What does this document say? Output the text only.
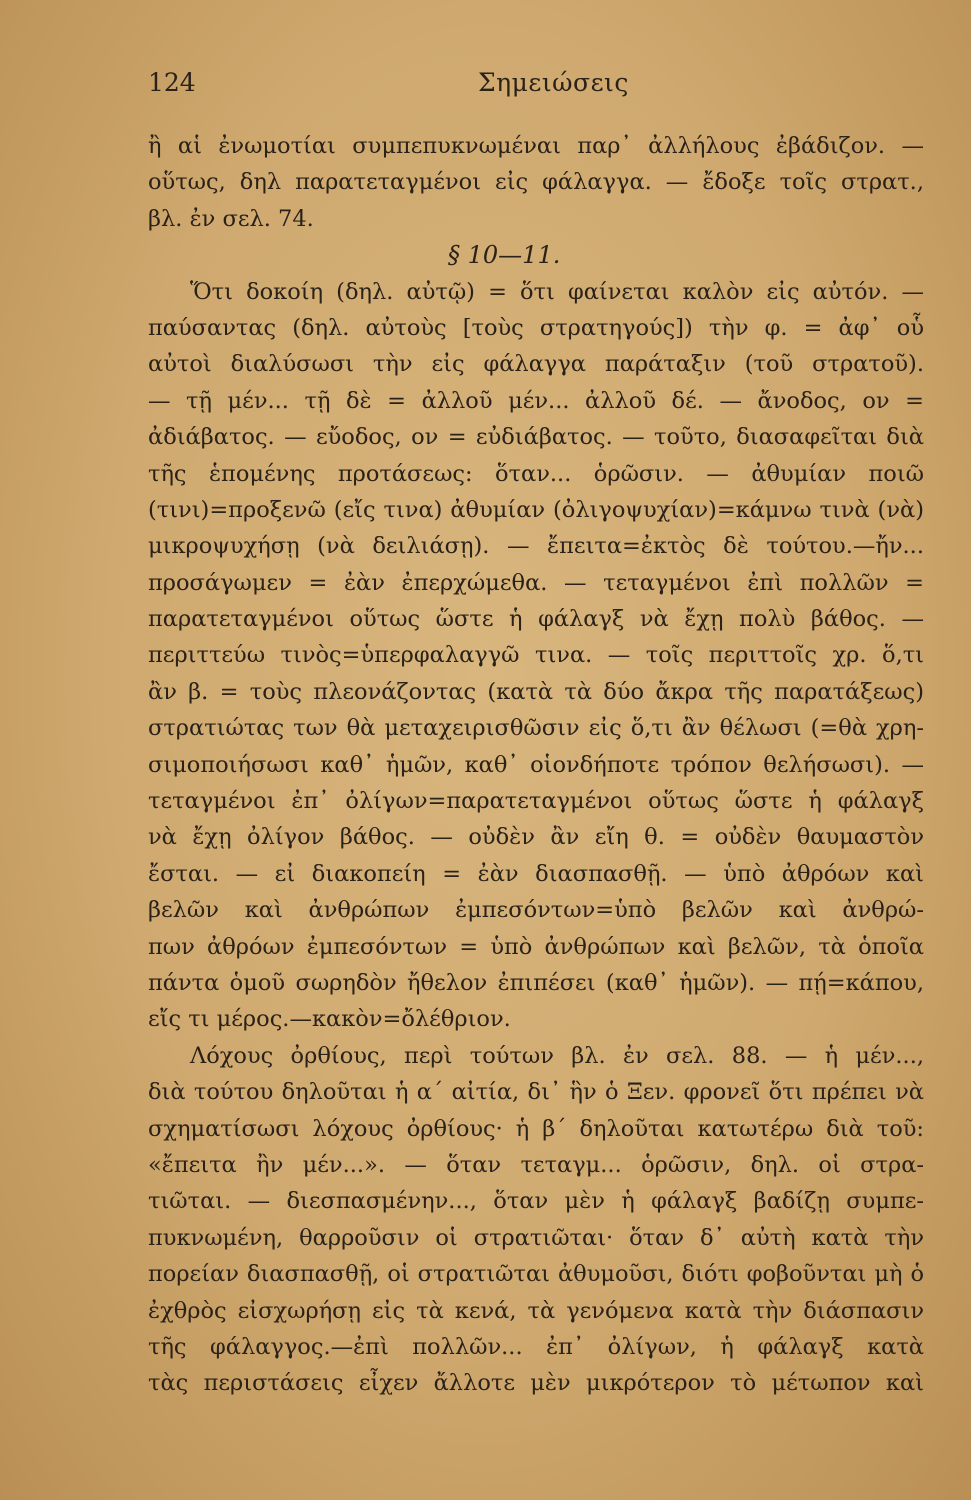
124	Σημειώσεις
ἢ αἱ ἐνωμοτίαι συμπεπυκνωμέναι παρ᾽ ἀλλήλους ἐβάδιζον. —
οὕτως, δηλ παρατεταγμένοι εἰς φάλαγγα. — ἔδοξε τοῖς στρατ.,
βλ. ἐν σελ. 74.
§ 10—11.
Ὅτι δοκοίη (δηλ. αὐτῷ) = ὅτι φαίνεται καλὸν εἰς αὐτόν. —
παύσαντας (δηλ. αὐτοὺς [τοὺς στρατηγούς]) τὴν φ. = ἀφ᾽ οὗ
αὐτοὶ διαλύσωσι τὴν εἰς φάλαγγα παράταξιν (τοῦ στρατοῦ).
— τῇ μέν... τῇ δὲ = ἀλλοῦ μέν... ἀλλοῦ δέ. — ἄνοδος, ον =
ἀδιάβατος. — εὔοδος, ον = εὐδιάβατος. — τοῦτο, διασαφεῖται διὰ
τῆς ἑπομένης προτάσεως: ὅταν... ὁρῶσιν. — ἀθυμίαν ποιῶ
(τινι)=προξενῶ (εἴς τινα) ἀθυμίαν (ὀλιγοψυχίαν)=κάμνω τινὰ (νὰ)
μικροψυχήσῃ (νὰ δειλιάσῃ). — ἔπειτα=ἐκτὸς δὲ τούτου.—ἤν...
προσάγωμεν = ἐὰν ἐπερχώμεθα. — τεταγμένοι ἐπὶ πολλῶν =
παρατεταγμένοι οὕτως ὥστε ἡ φάλαγξ νὰ ἔχῃ πολὺ βάθος. —
περιττεύω τινὸς=ὑπερφαλαγγῶ τινα. — τοῖς περιττοῖς χρ. ὅ,τι
ἂν β. = τοὺς πλεονάζοντας (κατὰ τὰ δύο ἄκρα τῆς παρατάξεως)
στρατιώτας των θὰ μεταχειρισθῶσιν εἰς ὅ,τι ἂν θέλωσι (=θὰ χρη-
σιμοποιήσωσι καθ᾽ ἡμῶν, καθ᾽ οἱονδήποτε τρόπον θελήσωσι). —
τεταγμένοι ἐπ᾽ ὀλίγων=παρατεταγμένοι οὕτως ὥστε ἡ φάλαγξ
νὰ ἔχῃ ὀλίγον βάθος. — οὐδὲν ἂν εἴη θ. = οὐδὲν θαυμαστὸν
ἔσται. — εἰ διακοπείη = ἐὰν διασπασθῇ. — ὑπὸ ἀθρόων καὶ
βελῶν καὶ ἀνθρώπων ἐμπεσόντων=ὑπὸ βελῶν καὶ ἀνθρώ-
πων ἀθρόων ἐμπεσόντων = ὑπὸ ἀνθρώπων καὶ βελῶν, τὰ ὁποῖα
πάντα ὁμοῦ σωρηδὸν ἤθελον ἐπιπέσει (καθ᾽ ἡμῶν). — πῄ=κάπου,
εἴς τι μέρος.—κακὸν=ὄλέθριον.
Λόχους ὀρθίους, περὶ τούτων βλ. ἐν σελ. 88. — ἡ μέν...,
διὰ τούτου δηλοῦται ἡ α΄ αἰτία, δι᾽ ἣν ὁ Ξεν. φρονεῖ ὅτι πρέπει νὰ
σχηματίσωσι λόχους ὀρθίους· ἡ β΄ δηλοῦται κατωτέρω διὰ τοῦ:
«ἔπειτα ἢν μέν...». — ὅταν τεταγμ... ὁρῶσιν, δηλ. οἱ στρα-
τιῶται. — διεσπασμένην..., ὅταν μὲν ἡ φάλαγξ βαδίζῃ συμπε-
πυκνωμένη, θαρροῦσιν οἱ στρατιῶται· ὅταν δ᾽ αὐτὴ κατὰ τὴν
πορείαν διασπασθῇ, οἱ στρατιῶται ἀθυμοῦσι, διότι φοβοῦνται μὴ ὁ
ἐχθρὸς εἰσχωρήσῃ εἰς τὰ κενά, τὰ γενόμενα κατὰ τὴν διάσπασιν
τῆς φάλαγγος.—ἐπὶ πολλῶν... ἐπ᾽ ὀλίγων, ἡ φάλαγξ κατὰ
τὰς περιστάσεις εἶχεν ἄλλοτε μὲν μικρότερον τὸ μέτωπον καὶ
